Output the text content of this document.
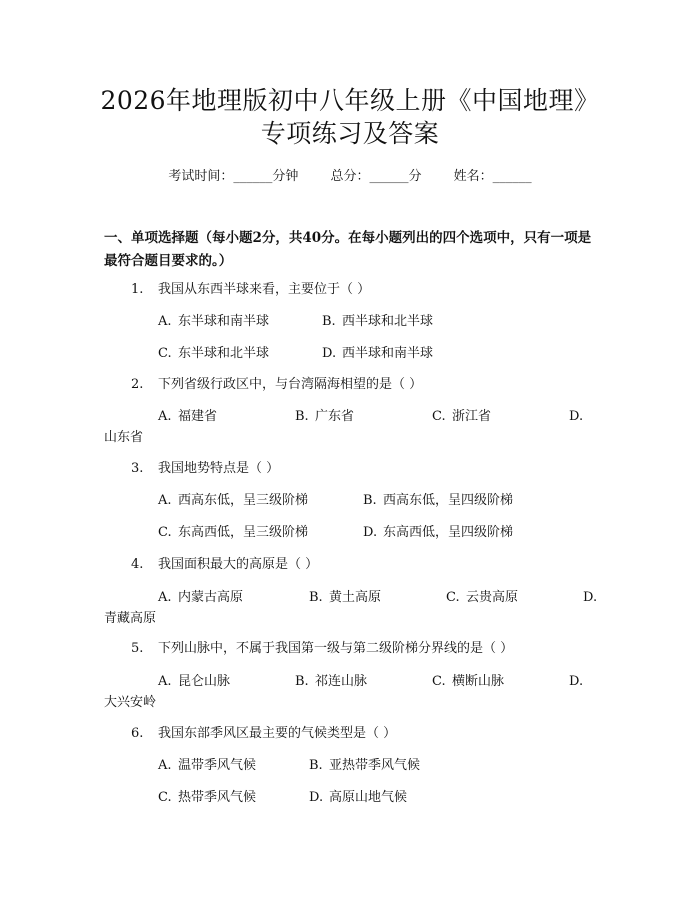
2026年地理版初中八年级上册《中国地理》
专项练习及答案
考试时间：______分钟 总分：______分 姓名：______

一、单项选择题（每小题2分，共40分。在每小题列出的四个选项中，只有一项是最符合题目要求的。）

1. 我国从东西半球来看，主要位于（ ）
A. 东半球和南半球	B. 西半球和北半球
C. 东半球和北半球	D. 西半球和南半球
2. 下列省级行政区中，与台湾隔海相望的是（ ）
A. 福建省	B. 广东省	C. 浙江省	D.
山东省
3. 我国地势特点是（ ）
A. 西高东低，呈三级阶梯	B. 西高东低，呈四级阶梯
C. 东高西低，呈三级阶梯	D. 东高西低，呈四级阶梯
4. 我国面积最大的高原是（ ）
A. 内蒙古高原	B. 黄土高原	C. 云贵高原	D.
青藏高原
5. 下列山脉中，不属于我国第一级与第二级阶梯分界线的是（ ）
A. 昆仑山脉	B. 祁连山脉	C. 横断山脉	D.
大兴安岭
6. 我国东部季风区最主要的气候类型是（ ）
A. 温带季风气候	B. 亚热带季风气候
C. 热带季风气候	D. 高原山地气候
